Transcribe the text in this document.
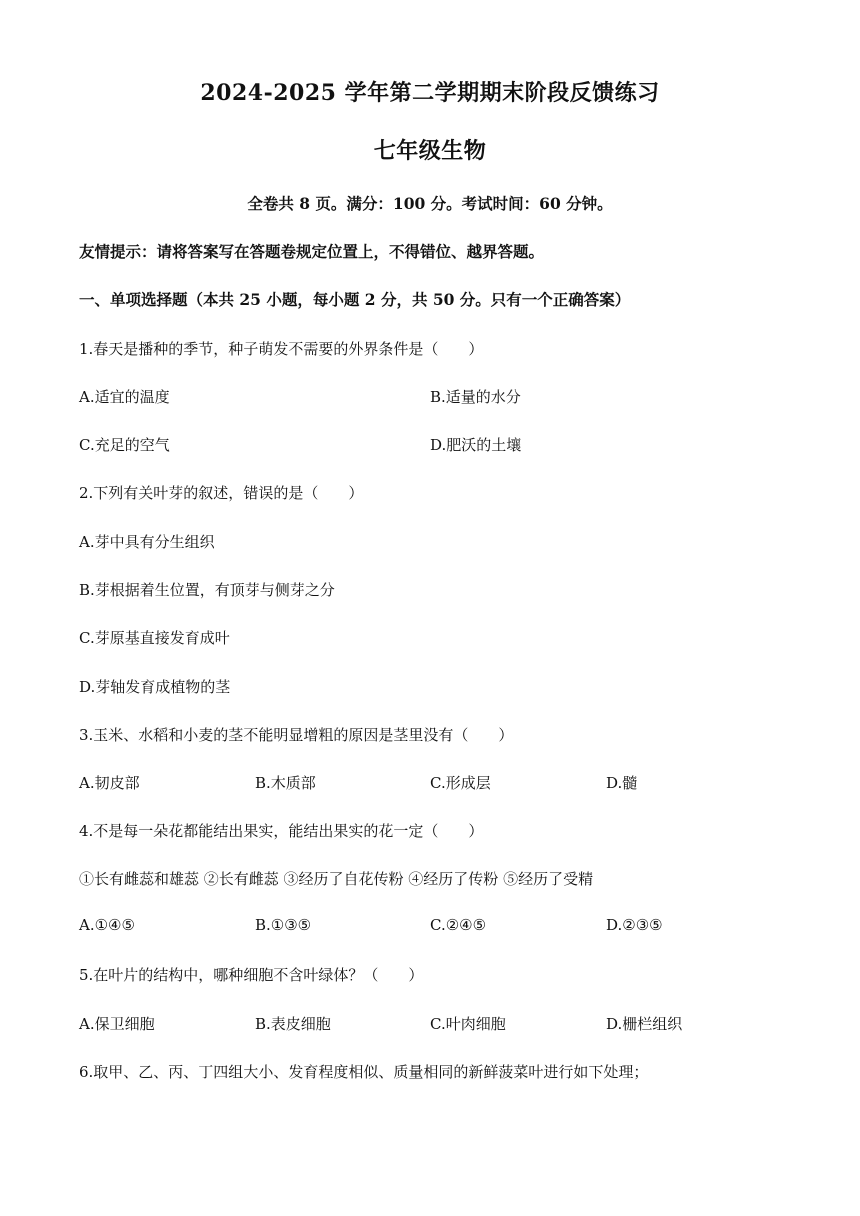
2024-2025 学年第二学期期末阶段反馈练习
七年级生物
全卷共 8 页。满分：100 分。考试时间：60 分钟。
友情提示：请将答案写在答题卷规定位置上，不得错位、越界答题。
一、单项选择题（本共 25 小题，每小题 2 分，共 50 分。只有一个正确答案）
1.春天是播种的季节，种子萌发不需要的外界条件是（　　）
A.适宜的温度	B.适量的水分
C.充足的空气	D.肥沃的土壤
2.下列有关叶芽的叙述，错误的是（　　）
A.芽中具有分生组织
B.芽根据着生位置，有顶芽与侧芽之分
C.芽原基直接发育成叶
D.芽轴发育成植物的茎
3.玉米、水稻和小麦的茎不能明显增粗的原因是茎里没有（　　）
A.韧皮部	B.木质部	C.形成层	D.髓
4.不是每一朵花都能结出果实，能结出果实的花一定（　　）
①长有雌蕊和雄蕊 ②长有雌蕊 ③经历了自花传粉 ④经历了传粉 ⑤经历了受精
A.①④⑤	B.①③⑤	C.②④⑤	D.②③⑤
5.在叶片的结构中，哪种细胞不含叶绿体？（　　）
A.保卫细胞	B.表皮细胞	C.叶肉细胞	D.栅栏组织
6.取甲、乙、丙、丁四组大小、发育程度相似、质量相同的新鲜菠菜叶进行如下处理；
